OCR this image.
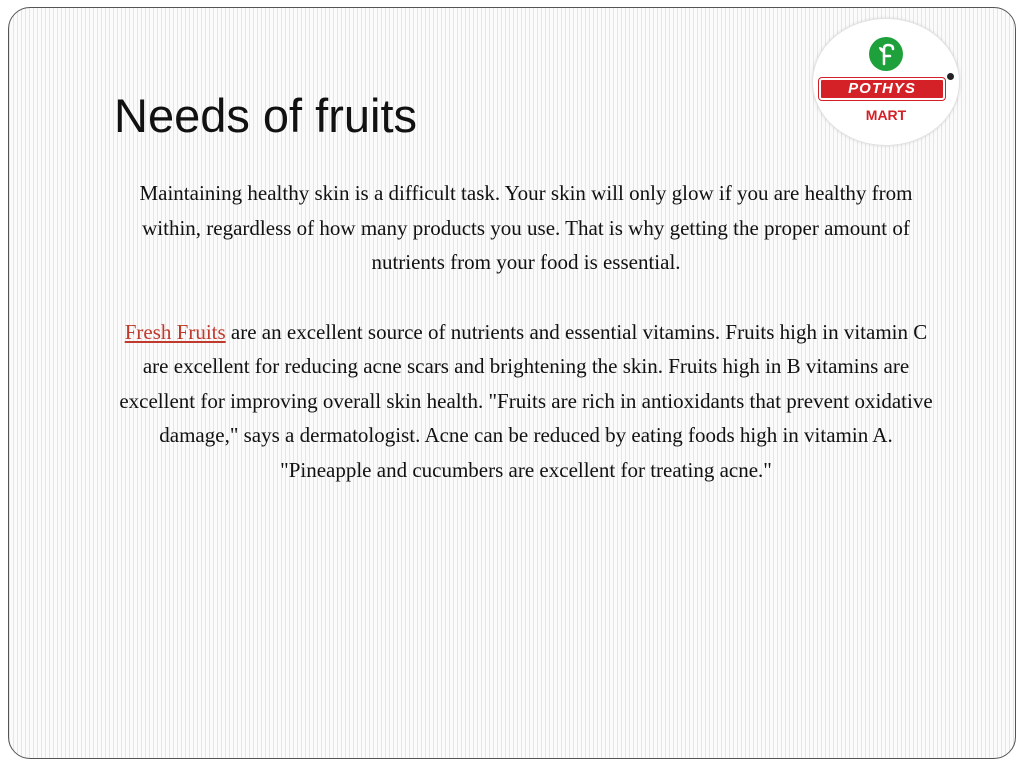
Needs of fruits
POTHYS
MART

Maintaining healthy skin is a difficult task. Your skin will only glow if you are healthy from within, regardless of how many products you use. That is why getting the proper amount of nutrients from your food is essential.

Fresh Fruits are an excellent source of nutrients and essential vitamins. Fruits high in vitamin C are excellent for reducing acne scars and brightening the skin. Fruits high in B vitamins are excellent for improving overall skin health. "Fruits are rich in antioxidants that prevent oxidative damage," says a dermatologist. Acne can be reduced by eating foods high in vitamin A. "Pineapple and cucumbers are excellent for treating acne."
